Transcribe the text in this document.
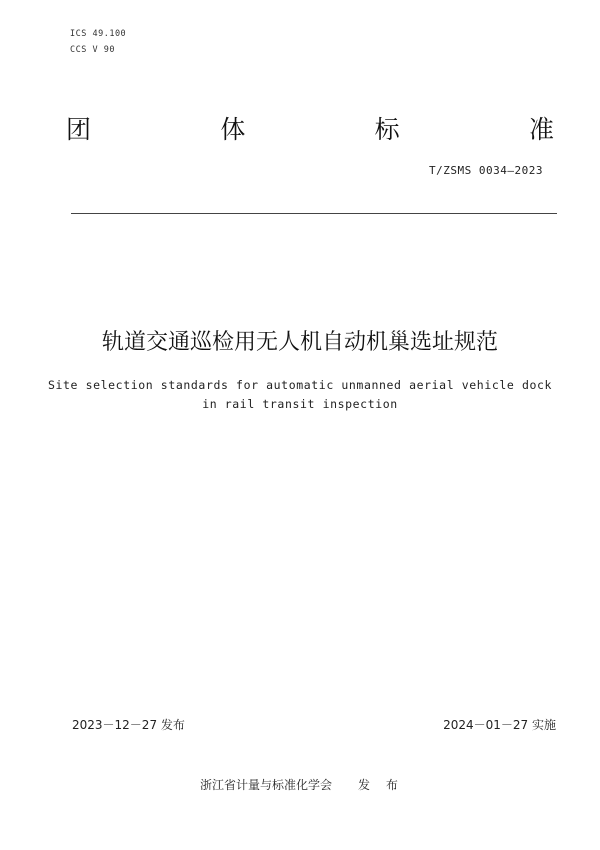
ICS 49.100
CCS V 90
团	体	标	准
T/ZSMS 0034—2023
轨道交通巡检用无人机自动机巢选址规范
Site selection standards for automatic unmanned aerial vehicle dock
in rail transit inspection
2023－12－27 发布	2024－01－27 实施
浙江省计量与标准化学会 发 布
